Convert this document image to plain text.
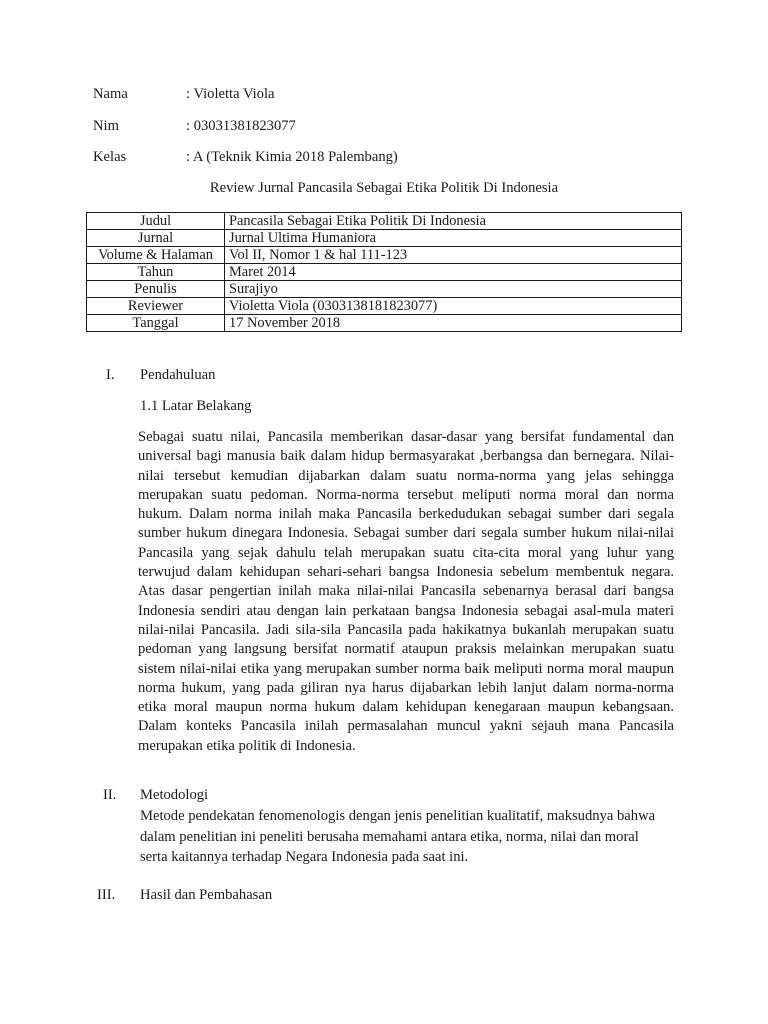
Nama	: Violetta Viola
Nim	: 03031381823077
Kelas	: A (Teknik Kimia 2018 Palembang)
Review Jurnal Pancasila Sebagai Etika Politik Di Indonesia
Judul	Pancasila Sebagai Etika Politik Di Indonesia
Jurnal	Jurnal Ultima Humaniora
Volume & Halaman	Vol II, Nomor 1 & hal 111-123
Tahun	Maret 2014
Penulis	Surajiyo
Reviewer	Violetta Viola (0303138181823077)
Tanggal	17 November 2018
I. Pendahuluan
1.1 Latar Belakang
Sebagai suatu nilai, Pancasila memberikan dasar-dasar yang bersifat fundamental dan universal bagi manusia baik dalam hidup bermasyarakat ,berbangsa dan bernegara. Nilai-nilai tersebut kemudian dijabarkan dalam suatu norma-norma yang jelas sehingga merupakan suatu pedoman. Norma-norma tersebut meliputi norma moral dan norma hukum. Dalam norma inilah maka Pancasila berkedudukan sebagai sumber dari segala sumber hukum dinegara Indonesia. Sebagai sumber dari segala sumber hukum nilai-nilai Pancasila yang sejak dahulu telah merupakan suatu cita-cita moral yang luhur yang terwujud dalam kehidupan sehari-sehari bangsa Indonesia sebelum membentuk negara. Atas dasar pengertian inilah maka nilai-nilai Pancasila sebenarnya berasal dari bangsa Indonesia sendiri atau dengan lain perkataan bangsa Indonesia sebagai asal-mula materi nilai-nilai Pancasila. Jadi sila-sila Pancasila pada hakikatnya bukanlah merupakan suatu pedoman yang langsung bersifat normatif ataupun praksis melainkan merupakan suatu sistem nilai-nilai etika yang merupakan sumber norma baik meliputi norma moral maupun norma hukum, yang pada giliran nya harus dijabarkan lebih lanjut dalam norma-norma etika moral maupun norma hukum dalam kehidupan kenegaraan maupun kebangsaan. Dalam konteks Pancasila inilah permasalahan muncul yakni sejauh mana Pancasila merupakan etika politik di Indonesia.
II. Metodologi
Metode pendekatan fenomenologis dengan jenis penelitian kualitatif, maksudnya bahwa dalam penelitian ini peneliti berusaha memahami antara etika, norma, nilai dan moral serta kaitannya terhadap Negara Indonesia pada saat ini.
III. Hasil dan Pembahasan
